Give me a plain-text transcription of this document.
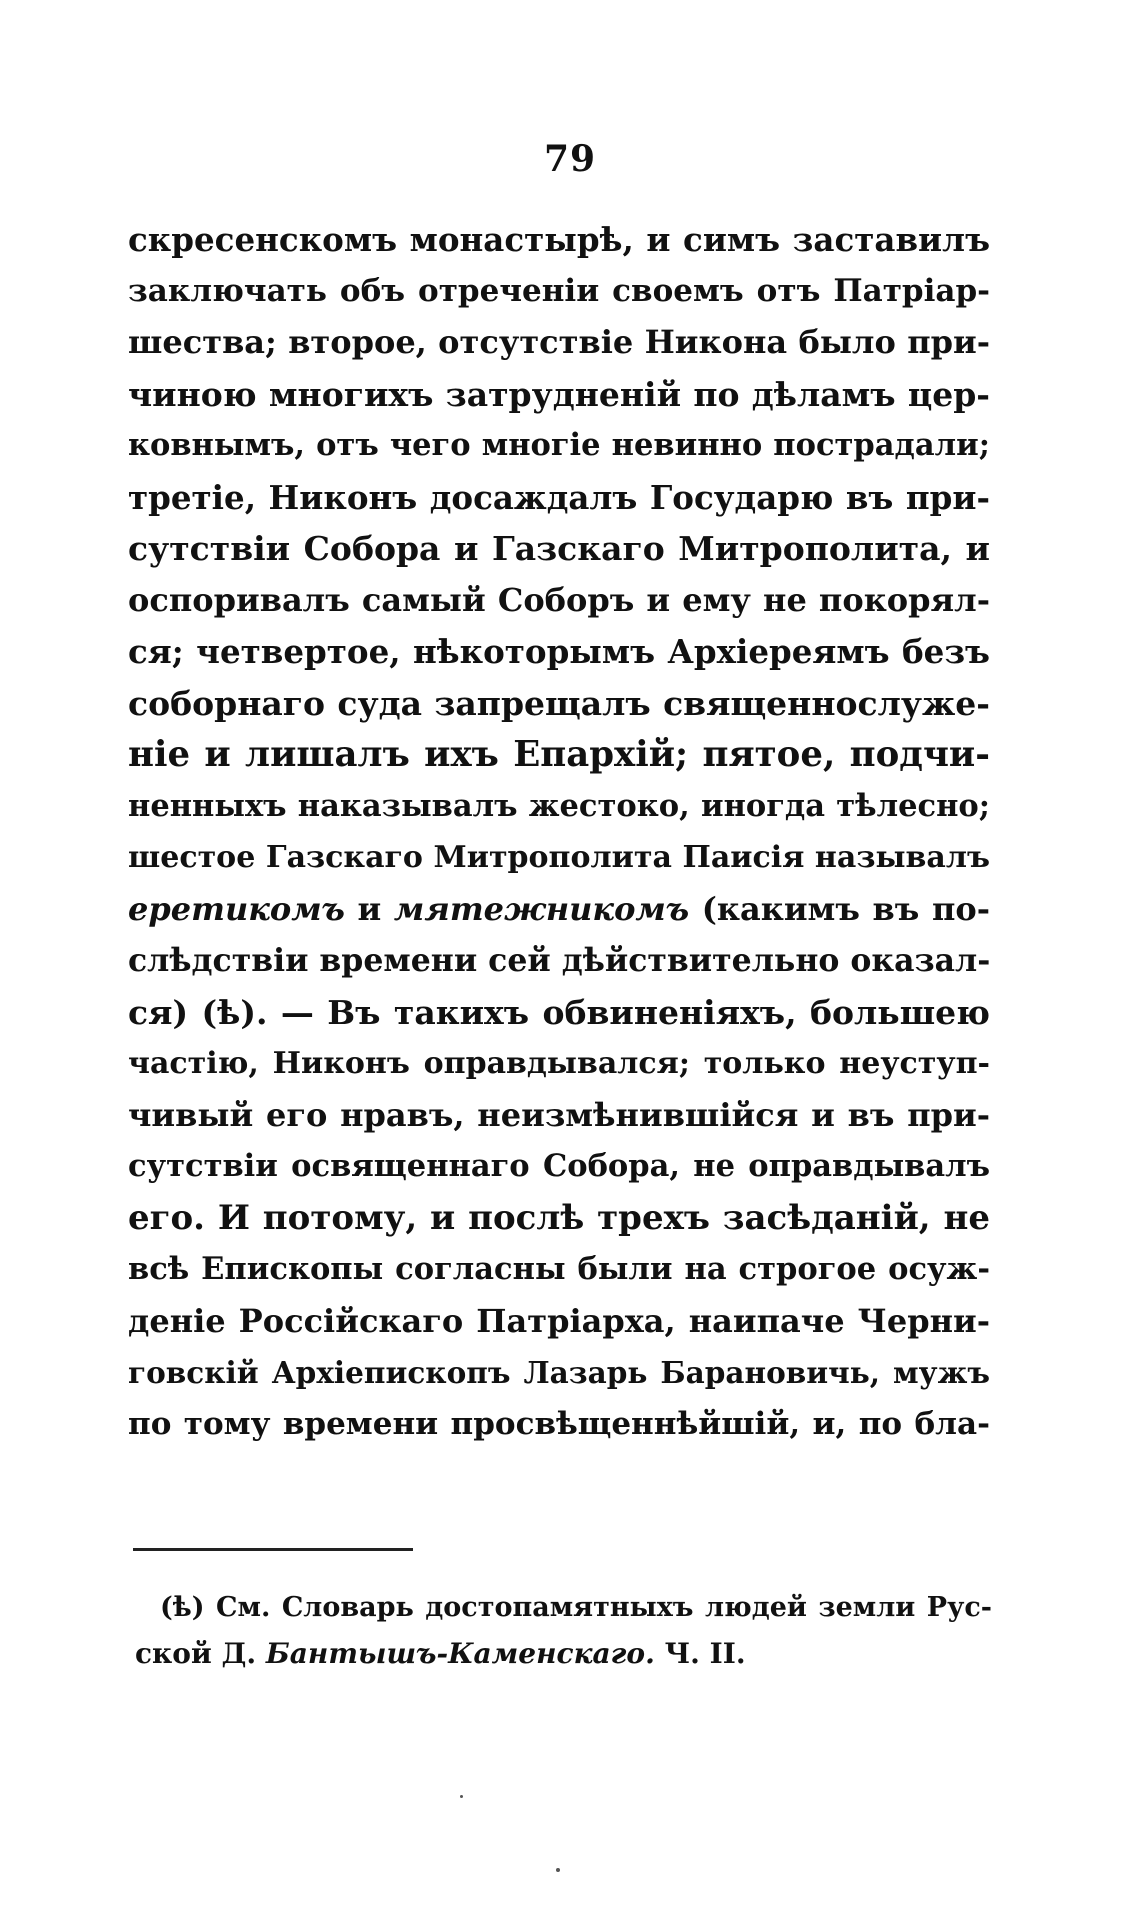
79
скресенскомъ монастырѣ, и симъ заставилъ
заключать объ отреченіи своемъ отъ Патріар-
шества; второе, отсутствіе Никона было при-
чиною многихъ затрудненій по дѣламъ цер-
ковнымъ, отъ чего многіе невинно пострадали;
третіе, Никонъ досаждалъ Государю въ при-
сутствіи Собора и Газскаго Митрополита, и
оспоривалъ самый Соборъ и ему не покорял-
ся; четвертое, нѣкоторымъ Архіереямъ безъ
соборнаго суда запрещалъ священнослуже-
ніе и лишалъ ихъ Епархій; пятое, подчи-
ненныхъ наказывалъ жестоко, иногда тѣлесно;
шестое Газскаго Митрополита Паисія называлъ
еретикомъ и мятежникомъ (какимъ въ по-
слѣдствіи времени сей дѣйствительно оказал-
ся) (ѣ). — Въ такихъ обвиненіяхъ, большею
частію, Никонъ оправдывался; только неуступ-
чивый его нравъ, неизмѣнившійся и въ при-
сутствіи освященнаго Собора, не оправдывалъ
его. И потому, и послѣ трехъ засѣданій, не
всѣ Епископы согласны были на строгое осуж-
деніе Россійскаго Патріарха, наипаче Черни-
говскій Архіепископъ Лазарь Барановичь, мужъ
по тому времени просвѣщеннѣйшій, и, по бла-
(ѣ) См. Словарь достопамятныхъ людей земли Рус-
ской Д. Бантышъ-Каменскаго. Ч. II.
